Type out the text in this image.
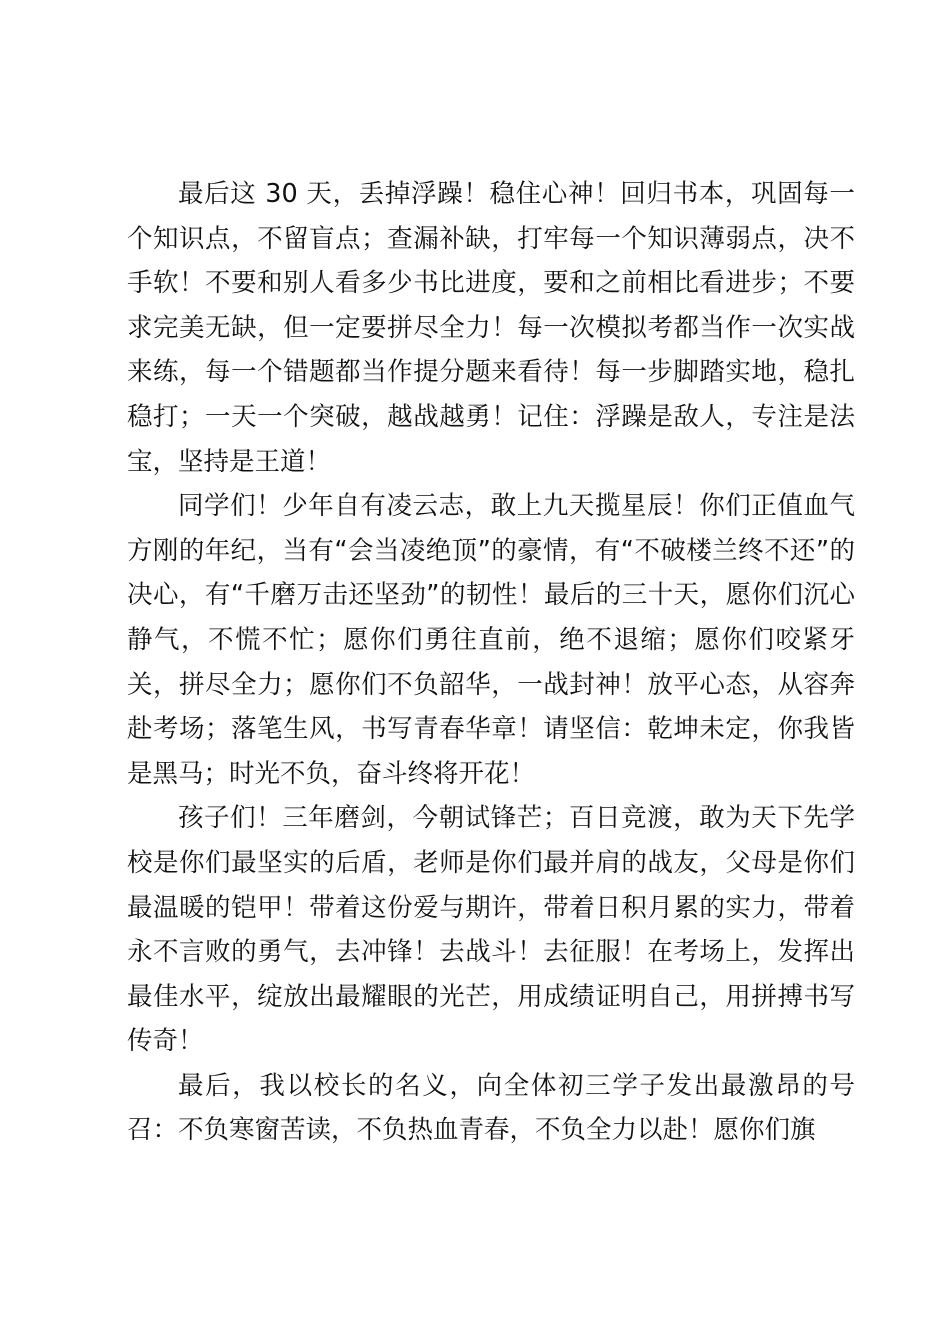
最后这 30 天，丢掉浮躁！稳住心神！回归书本，巩固每一个知识点，不留盲点；查漏补缺，打牢每一个知识薄弱点，决不手软！不要和别人看多少书比进度，要和之前相比看进步；不要求完美无缺，但一定要拼尽全力！每一次模拟考都当作一次实战来练，每一个错题都当作提分题来看待！每一步脚踏实地，稳扎稳打；一天一个突破，越战越勇！记住：浮躁是敌人，专注是法宝，坚持是王道！

同学们！少年自有凌云志，敢上九天揽星辰！你们正值血气方刚的年纪，当有“会当凌绝顶”的豪情，有“不破楼兰终不还”的决心，有“千磨万击还坚劲”的韧性！最后的三十天，愿你们沉心静气，不慌不忙；愿你们勇往直前，绝不退缩；愿你们咬紧牙关，拼尽全力；愿你们不负韶华，一战封神！放平心态，从容奔赴考场；落笔生风，书写青春华章！请坚信：乾坤未定，你我皆是黑马；时光不负，奋斗终将开花！

孩子们！三年磨剑，今朝试锋芒；百日竞渡，敢为天下先学校是你们最坚实的后盾，老师是你们最并肩的战友，父母是你们最温暖的铠甲！带着这份爱与期许，带着日积月累的实力，带着永不言败的勇气，去冲锋！去战斗！去征服！在考场上，发挥出最佳水平，绽放出最耀眼的光芒，用成绩证明自己，用拼搏书写传奇！

最后，我以校长的名义，向全体初三学子发出最激昂的号召：不负寒窗苦读，不负热血青春，不负全力以赴！愿你们旗
